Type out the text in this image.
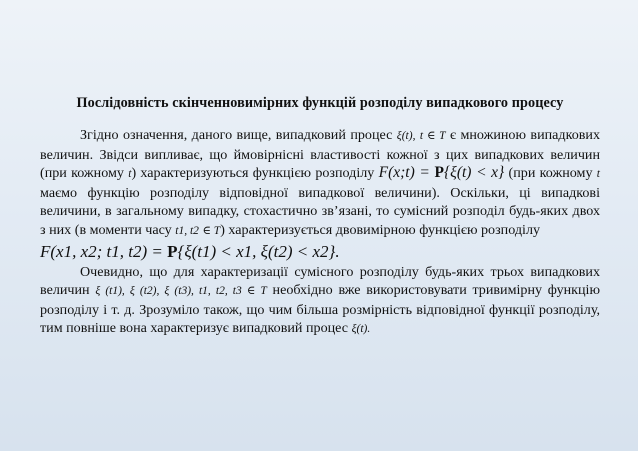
Послідовність скінченновимірних функцій розподілу випадкового процесу

Згідно означення, даного вище, випадковий процес ξ(t), t ∈ T є множиною випадкових величин. Звідси випливає, що ймовірнісні властивості кожної з цих випадкових величин (при кожному t) характеризуються функцією розподілу F(x;t) = P{ξ(t) < x} (при кожному t маємо функцію розподілу відповідної випадкової величини). Оскільки, ці випадкові величини, в загальному випадку, стохастично зв’язані, то сумісний розподіл будь-яких двох з них (в моменти часу t1, t2 ∈ T) характеризується двовимірною функцією розподілу

F(x1, x2; t1, t2) = P{ξ(t1) < x1, ξ(t2) < x2}.

Очевидно, що для характеризації сумісного розподілу будь-яких трьох випадкових величин ξ (t1), ξ (t2), ξ (t3), t1, t2, t3 ∈ T необхідно вже використовувати тривимірну функцію розподілу і т. д. Зрозуміло також, що чим більша розмірність відповідної функції розподілу, тим повніше вона характеризує випадковий процес ξ(t).
